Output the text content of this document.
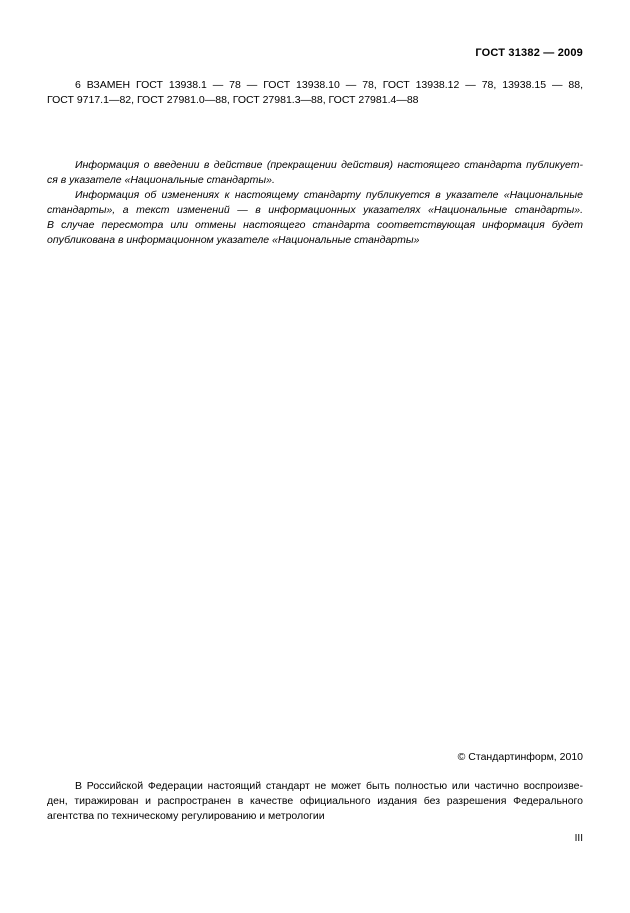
ГОСТ 31382 — 2009

6 ВЗАМЕН ГОСТ 13938.1 — 78 — ГОСТ 13938.10 — 78, ГОСТ 13938.12 — 78, 13938.15 — 88,

ГОСТ 9717.1—82, ГОСТ 27981.0—88, ГОСТ 27981.3—88, ГОСТ 27981.4—88

Информация о введении в действие (прекращении действия) настоящего стандарта публикует-
ся в указателе «Национальные стандарты».
Информация об изменениях к настоящему стандарту публикуется в указателе «Национальные
стандарты», а текст изменений — в информационных указателях «Национальные стандарты».
В случае пересмотра или отмены настоящего стандарта соответствующая информация будет
опубликована в информационном указателе «Национальные стандарты»
© Стандартинформ, 2010
В Российской Федерации настоящий стандарт не может быть полностью или частично воспроизве-
ден, тиражирован и распространен в качестве официального издания без разрешения Федерального
агентства по техническому регулированию и метрологии
III
